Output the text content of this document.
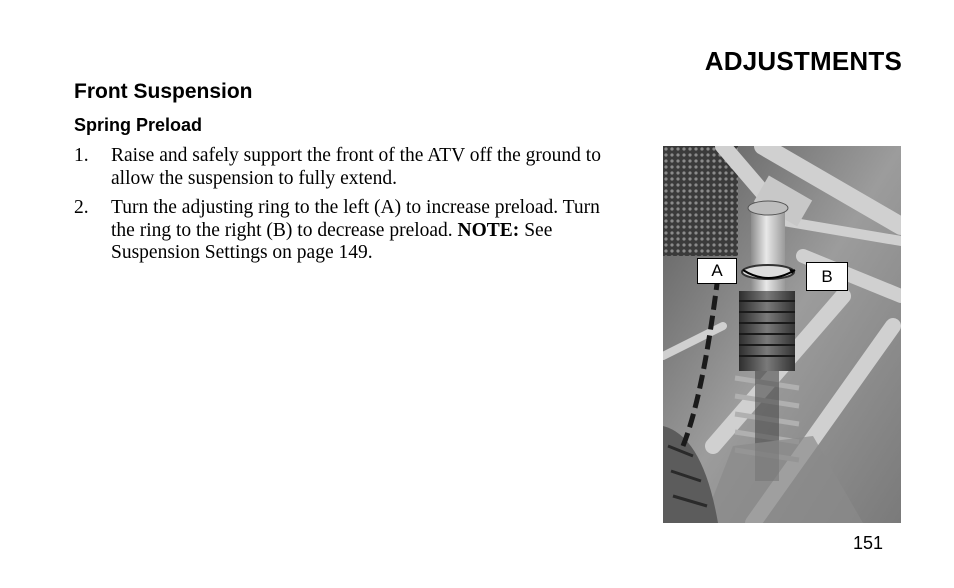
ADJUSTMENTS
Front Suspension
Spring Preload
1. Raise and safely support the front of the ATV off the ground to allow the suspension to fully extend.
2. Turn the adjusting ring to the left (A) to increase preload. Turn the ring to the right (B) to decrease preload. NOTE: See Suspension Settings on page 149.
A	B
151
